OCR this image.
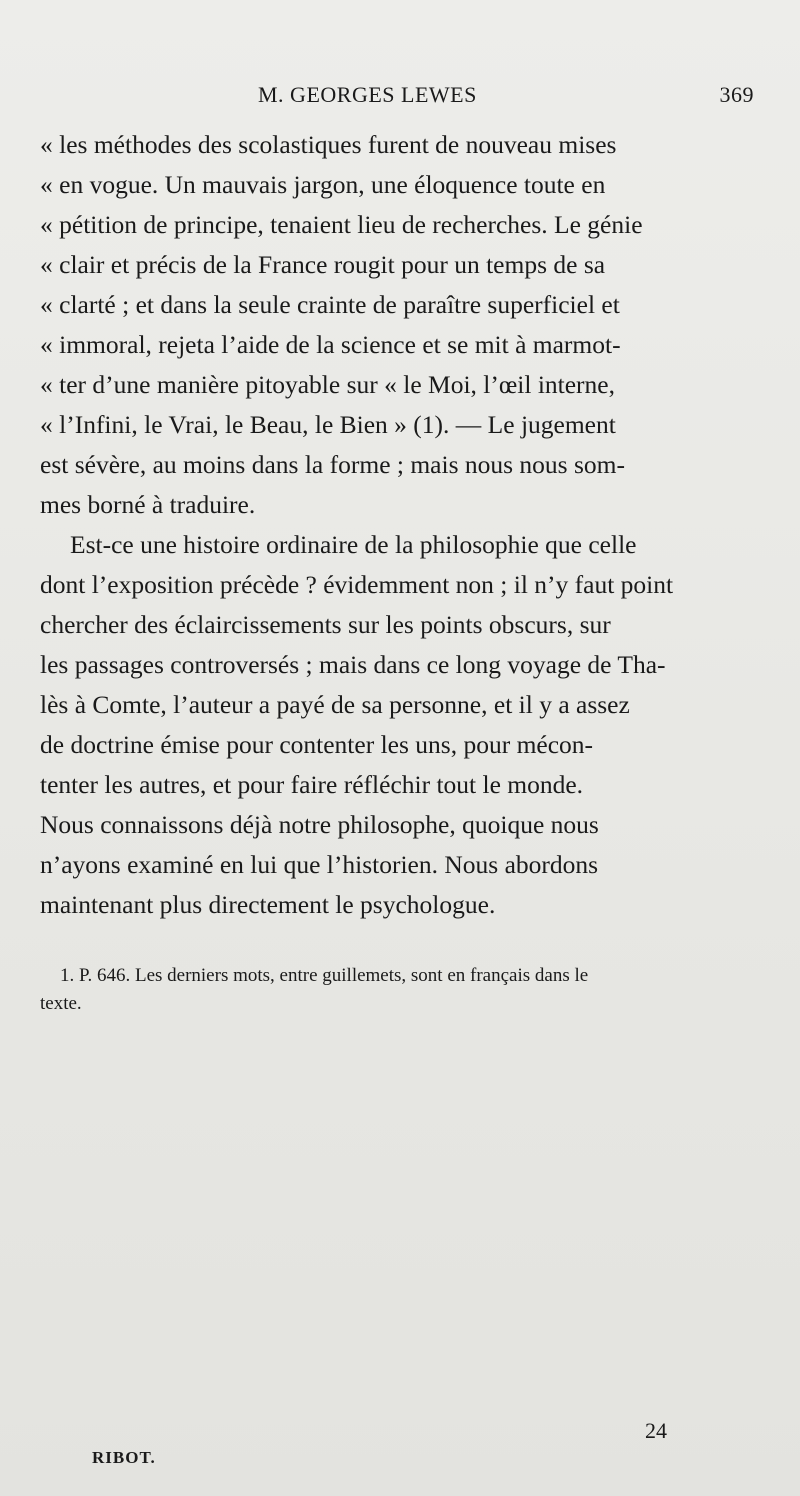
M. GEORGES LEWES	369
« les méthodes des scolastiques furent de nouveau mises
« en vogue. Un mauvais jargon, une éloquence toute en
« pétition de principe, tenaient lieu de recherches. Le génie
« clair et précis de la France rougit pour un temps de sa
« clarté ; et dans la seule crainte de paraître superficiel et
« immoral, rejeta l’aide de la science et se mit à marmot-
« ter d’une manière pitoyable sur « le Moi, l’œil interne,
« l’Infini, le Vrai, le Beau, le Bien » (1). — Le jugement
est sévère, au moins dans la forme ; mais nous nous som-
mes borné à traduire.
Est-ce une histoire ordinaire de la philosophie que celle
dont l’exposition précède ? évidemment non ; il n’y faut point
chercher des éclaircissements sur les points obscurs, sur
les passages controversés ; mais dans ce long voyage de Tha-
lès à Comte, l’auteur a payé de sa personne, et il y a assez
de doctrine émise pour contenter les uns, pour mécon-
tenter les autres, et pour faire réfléchir tout le monde.
Nous connaissons déjà notre philosophe, quoique nous
n’ayons examiné en lui que l’historien. Nous abordons
maintenant plus directement le psychologue.
1. P. 646. Les derniers mots, entre guillemets, sont en français dans le
texte.
24
RIBOT.
